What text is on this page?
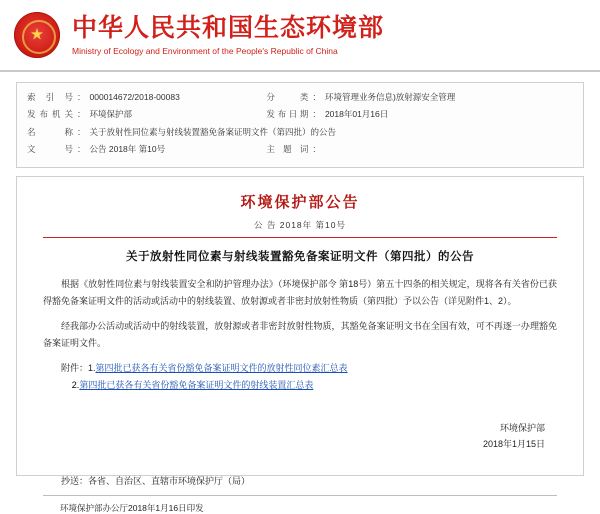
★ 中华人民共和国生态环境部
Ministry of Ecology and Environment of the People's Republic of China
索引号	：	000014672/2018-00083	分类	：	环境管理业务信息)放射源安全管理
发布机关	：	环境保护部	发布日期	：	2018年01月16日
名称	：	关于放射性同位素与射线装置豁免备案证明文件（第四批）的公告			
文号	：	公告 2018年 第10号	主题词	：	
环境保护部公告
公 告 2018年 第10号
关于放射性同位素与射线装置豁免备案证明文件（第四批）的公告

根据《放射性同位素与射线装置安全和防护管理办法》（环境保护部令 第18号）第五十四条的相关规定，现将各有关省份已获得豁免备案证明文件的活动或活动中的射线装置、放射源或者非密封放射性物质（第四批）予以公告（详见附件1、2）。

经我部办公活动或活动中的射线装置，放射源或者非密封放射性物质，其豁免备案证明文书在全国有效，可不再逐一办理豁免备案证明文件。

附件：1.第四批已获各有关省份豁免备案证明文件的放射性同位素汇总表

2.第四批已获各有关省份豁免备案证明文件的射线装置汇总表

环境保护部
2018年1月15日
抄送：各省、自治区、直辖市环境保护厅（局）
环境保护部办公厅2018年1月16日印发
